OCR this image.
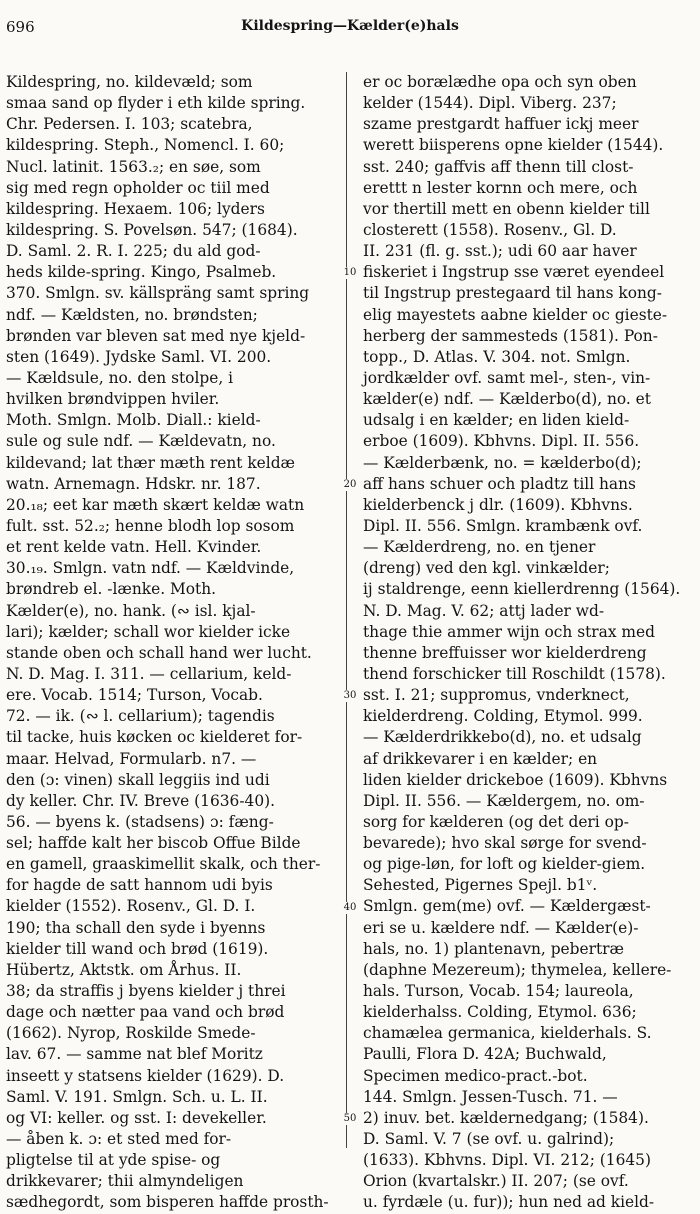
696	Kildespring—Kælder(e)hals
Kildespring, no. kildevæld; som
smaa sand op flyder i eth kilde spring.
Chr. Pedersen. I. 103; scatebra,
kildespring. Steph., Nomencl. I. 60;
Nucl. latinit. 1563.₂; en søe, som
sig med regn opholder oc tiil med
kildespring. Hexaem. 106; lyders
kildespring. S. Povelsøn. 547; (1684).
D. Saml. 2. R. I. 225; du ald god-
heds kilde-spring. Kingo, Psalmeb.
370. Smlgn. sv. källspräng samt spring
ndf. — Kældsten, no. brøndsten;
brønden var bleven sat med nye kjeld-
sten (1649). Jydske Saml. VI. 200.
— Kældsule, no. den stolpe, i
hvilken brøndvippen hviler.
Moth. Smlgn. Molb. Diall.: kield-
sule og sule ndf. — Kældevatn, no.
kildevand; lat thær mæth rent keldæ
watn. Arnemagn. Hdskr. nr. 187.
20.₁₈; eet kar mæth skært keldæ watn
fult. sst. 52.₂; henne blodh lop sosom
et rent kelde vatn. Hell. Kvinder.
30.₁₉. Smlgn. vatn ndf. — Kældvinde,
brøndreb el. -lænke. Moth.
Kælder(e), no. hank. (∾ isl. kjal-
lari); kælder; schall wor kielder icke
stande oben och schall hand wer lucht.
N. D. Mag. I. 311. — cellarium, keld-
ere. Vocab. 1514; Turson, Vocab.
72. — ik. (∾ l. cellarium); tagendis
til tacke, huis køcken oc kielderet for-
maar. Helvad, Formularb. n7. —
den (ɔ: vinen) skall leggiis ind udi
dy keller. Chr. IV. Breve (1636-40).
56. — byens k. (stadsens) ɔ: fæng-
sel; haffde kalt her biscob Offue Bilde
en gamell, graaskimellit skalk, och ther-
for hagde de satt hannom udi byis
kielder (1552). Rosenv., Gl. D. I.
190; tha schall den syde i byenns
kielder till wand och brød (1619).
Hübertz, Aktstk. om Århus. II.
38; da straffis j byens kielder j threi
dage och nætter paa vand och brød
(1662). Nyrop, Roskilde Smede-
lav. 67. — samme nat blef Moritz
inseett y statsens kielder (1629). D.
Saml. V. 191. Smlgn. Sch. u. L. II.
og VI: keller. og sst. I: devekeller.
— åben k. ɔ: et sted med for-
pligtelse til at yde spise- og
drikkevarer; thii almyndeligen
sædhegordt, som bisperen haffde prosth-
er oc borælædhe opa och syn oben
kelder (1544). Dipl. Viberg. 237;
szame prestgardt haffuer ickj meer
werett biisperens opne kielder (1544).
sst. 240; gaffvis aff thenn till clost-
erettt n lester kornn och mere, och
vor thertill mett en obenn kielder till
closterett (1558). Rosenv., Gl. D.
II. 231 (fl. g. sst.); udi 60 aar haver
fiskeriet i Ingstrup sse været eyendeel
til Ingstrup prestegaard til hans kong-
elig mayestets aabne kielder oc gieste-
herberg der sammesteds (1581). Pon-
topp., D. Atlas. V. 304. not. Smlgn.
jordkælder ovf. samt mel-, sten-, vin-
kælder(e) ndf. — Kælderbo(d), no. et
udsalg i en kælder; en liden kield-
erboe (1609). Kbhvns. Dipl. II. 556.
— Kælderbænk, no. = kælderbo(d);
aff hans schuer och pladtz till hans
kielderbenck j dlr. (1609). Kbhvns.
Dipl. II. 556. Smlgn. krambænk ovf.
— Kælderdreng, no. en tjener
(dreng) ved den kgl. vinkælder;
ij staldrenge, eenn kiellerdrenng (1564).
N. D. Mag. V. 62; attj lader wd-
thage thie ammer wijn och strax med
thenne breffuisser wor kielderdreng
thend forschicker till Roschildt (1578).
sst. I. 21; suppromus, vnderknect,
kielderdreng. Colding, Etymol. 999.
— Kælderdrikkebo(d), no. et udsalg
af drikkevarer i en kælder; en
liden kielder drickeboe (1609). Kbhvns
Dipl. II. 556. — Kældergem, no. om-
sorg for kælderen (og det deri op-
bevarede); hvo skal sørge for svend-
og pige-løn, for loft og kielder-giem.
Sehested, Pigernes Spejl. b1ᵛ.
Smlgn. gem(me) ovf. — Kældergæst-
eri se u. kældere ndf. — Kælder(e)-
hals, no. 1) plantenavn, pebertræ
(daphne Mezereum); thymelea, kellere-
hals. Turson, Vocab. 154; laureola,
kielderhalss. Colding, Etymol. 636;
chamælea germanica, kielderhals. S.
Paulli, Flora D. 42A; Buchwald,
Specimen medico-pract.-bot.
144. Smlgn. Jessen-Tusch. 71. —
2) inuv. bet. kældernedgang; (1584).
D. Saml. V. 7 (se ovf. u. galrind);
(1633). Kbhvns. Dipl. VI. 212; (1645)
Orion (kvartalskr.) II. 207; (se ovf.
u. fyrdæle (u. fur)); hun ned ad kield-
10
20
30
40
50
